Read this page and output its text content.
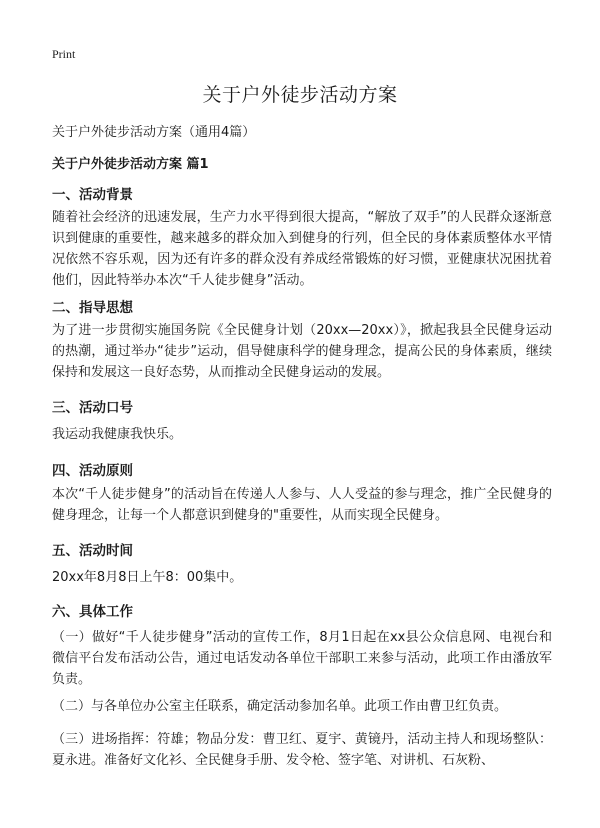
Print
关于户外徒步活动方案

关于户外徒步活动方案（通用4篇）

关于户外徒步活动方案 篇1

一、活动背景

随着社会经济的迅速发展，生产力水平得到很大提高，“解放了双手”的人民群众逐渐意识到健康的重要性，越来越多的群众加入到健身的行列，但全民的身体素质整体水平情况依然不容乐观，因为还有许多的群众没有养成经常锻炼的好习惯，亚健康状况困扰着他们，因此特举办本次“千人徒步健身”活动。

二、指导思想

为了进一步贯彻实施国务院《全民健身计划（20xx—20xx）》，掀起我县全民健身运动的热潮，通过举办“徒步”运动，倡导健康科学的健身理念，提高公民的身体素质，继续保持和发展这一良好态势，从而推动全民健身运动的发展。

三、活动口号

我运动我健康我快乐。

四、活动原则

本次“千人徒步健身”的活动旨在传递人人参与、人人受益的参与理念，推广全民健身的健身理念，让每一个人都意识到健身的"重要性，从而实现全民健身。

五、活动时间

20xx年8月8日上午8：00集中。

六、具体工作

（一）做好“千人徒步健身”活动的宣传工作，8月1日起在xx县公众信息网、电视台和微信平台发布活动公告，通过电话发动各单位干部职工来参与活动，此项工作由潘放军负责。

（二）与各单位办公室主任联系，确定活动参加名单。此项工作由曹卫红负责。

（三）进场指挥：符雄；物品分发：曹卫红、夏宇、黄镜丹，活动主持人和现场整队：夏永进。准备好文化衫、全民健身手册、发令枪、签字笔、对讲机、石灰粉、
